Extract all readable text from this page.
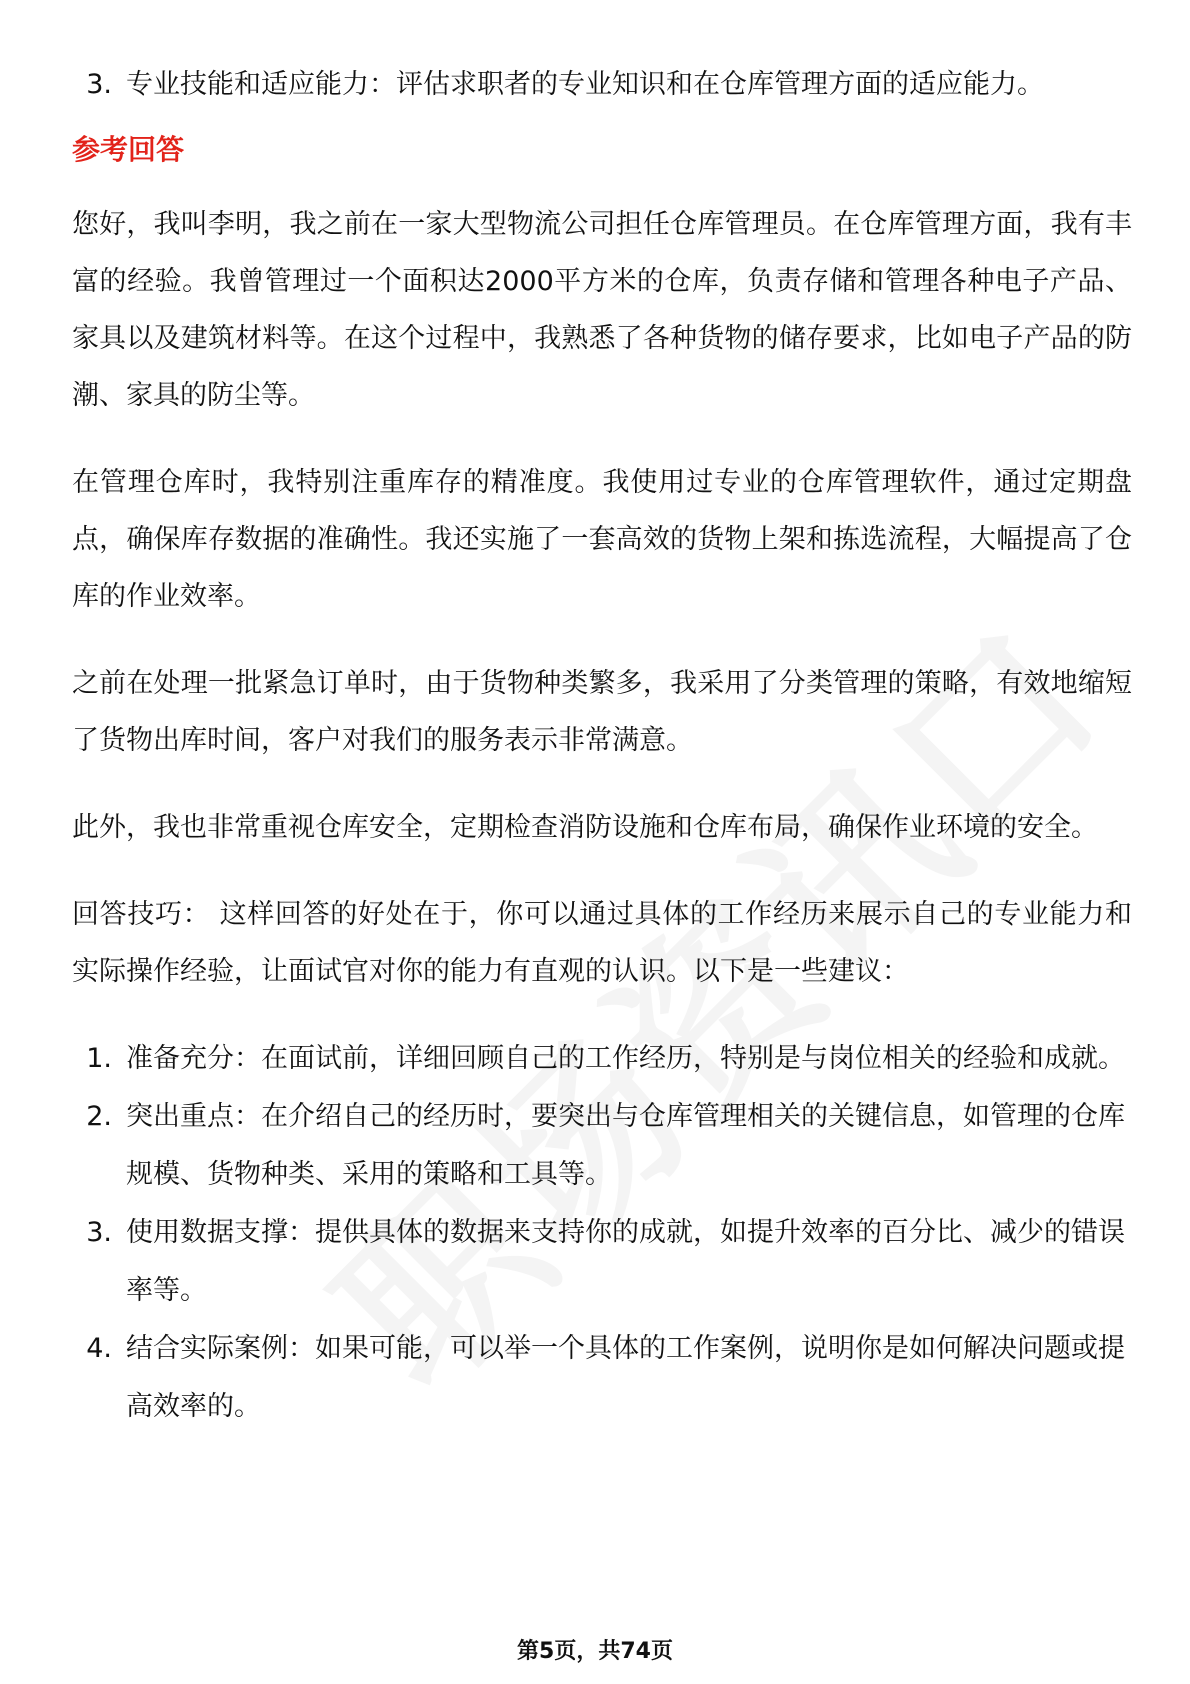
3. 专业技能和适应能力：评估求职者的专业知识和在仓库管理方面的适应能力。
参考回答

您好，我叫李明，我之前在一家大型物流公司担任仓库管理员。在仓库管理方面，我有丰富的经验。我曾管理过一个面积达2000平方米的仓库，负责存储和管理各种电子产品、家具以及建筑材料等。在这个过程中，我熟悉了各种货物的储存要求，比如电子产品的防潮、家具的防尘等。

在管理仓库时，我特别注重库存的精准度。我使用过专业的仓库管理软件，通过定期盘点，确保库存数据的准确性。我还实施了一套高效的货物上架和拣选流程，大幅提高了仓库的作业效率。

之前在处理一批紧急订单时，由于货物种类繁多，我采用了分类管理的策略，有效地缩短了货物出库时间，客户对我们的服务表示非常满意。

此外，我也非常重视仓库安全，定期检查消防设施和仓库布局，确保作业环境的安全。

回答技巧： 这样回答的好处在于，你可以通过具体的工作经历来展示自己的专业能力和实际操作经验，让面试官对你的能力有直观的认识。以下是一些建议：

1. 准备充分：在面试前，详细回顾自己的工作经历，特别是与岗位相关的经验和成就。
2. 突出重点：在介绍自己的经历时，要突出与仓库管理相关的关键信息，如管理的仓库规模、货物种类、采用的策略和工具等。
3. 使用数据支撑：提供具体的数据来支持你的成就，如提升效率的百分比、减少的错误率等。
4. 结合实际案例：如果可能，可以举一个具体的工作案例，说明你是如何解决问题或提高效率的。
第5页，共74页
